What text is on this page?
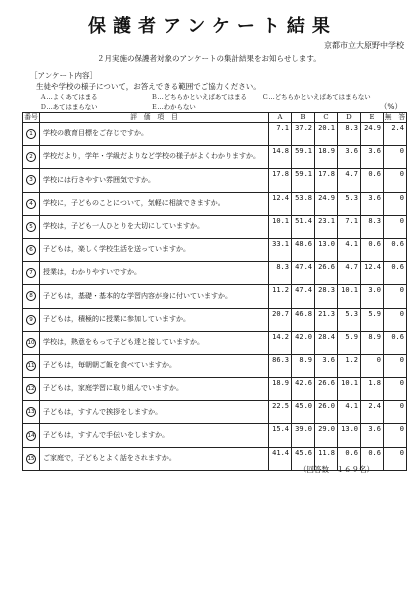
保護者アンケート結果
京都市立大原野中学校
２月実施の保護者対象のアンケートの集計結果をお知らせします。
［アンケート内容］
生徒や学校の様子について，お答えできる範囲でご協力ください。
Ａ…よくあてはまる	Ｂ…どちらかといえばあてはまる Ｃ…どちらかといえばあてはまらない
Ｄ…あてはまらない	Ｅ…わからない	（%）
番号	評　価　項　目	A	B	C	D	E	無　答
1	学校の教育目標をご存じですか。	7.1	37.2	20.1	8.3	24.9	2.4
2	学校だより，学年・学級だよりなど学校の様子がよくわかりますか。	14.8	59.1	18.9	3.6	3.6	0
3	学校には行きやすい雰囲気ですか。	17.8	59.1	17.8	4.7	0.6	0
4	学校に，子どものことについて，気軽に相談できますか。	12.4	53.8	24.9	5.3	3.6	0
5	学校は，子ども一人ひとりを大切にしていますか。	10.1	51.4	23.1	7.1	8.3	0
6	子どもは，楽しく学校生活を送っていますか。	33.1	48.6	13.0	4.1	0.6	0.6
7	授業は，わかりやすいですか。	8.3	47.4	26.6	4.7	12.4	0.6
8	子どもは，基礎・基本的な学習内容が身に付いていますか。	11.2	47.4	28.3	10.1	3.0	0
9	子どもは，積極的に授業に参加していますか。	20.7	46.8	21.3	5.3	5.9	0
10	学校は，熱意をもって子ども達と接していますか。	14.2	42.0	28.4	5.9	8.9	0.6
11	子どもは，毎朝朝ご飯を食べていますか。	86.3	8.9	3.6	1.2	0	0
12	子どもは，家庭学習に取り組んでいますか。	18.9	42.6	26.6	10.1	1.8	0
13	子どもは，すすんで挨拶をしますか。	22.5	45.0	26.0	4.1	2.4	0
14	子どもは，すすんで手伝いをしますか。	15.4	39.0	29.0	13.0	3.6	0
15	ご家庭で，子どもとよく話をされますか。	41.4	45.6	11.8	0.6	0.6	0
（回答数　１６９名）
